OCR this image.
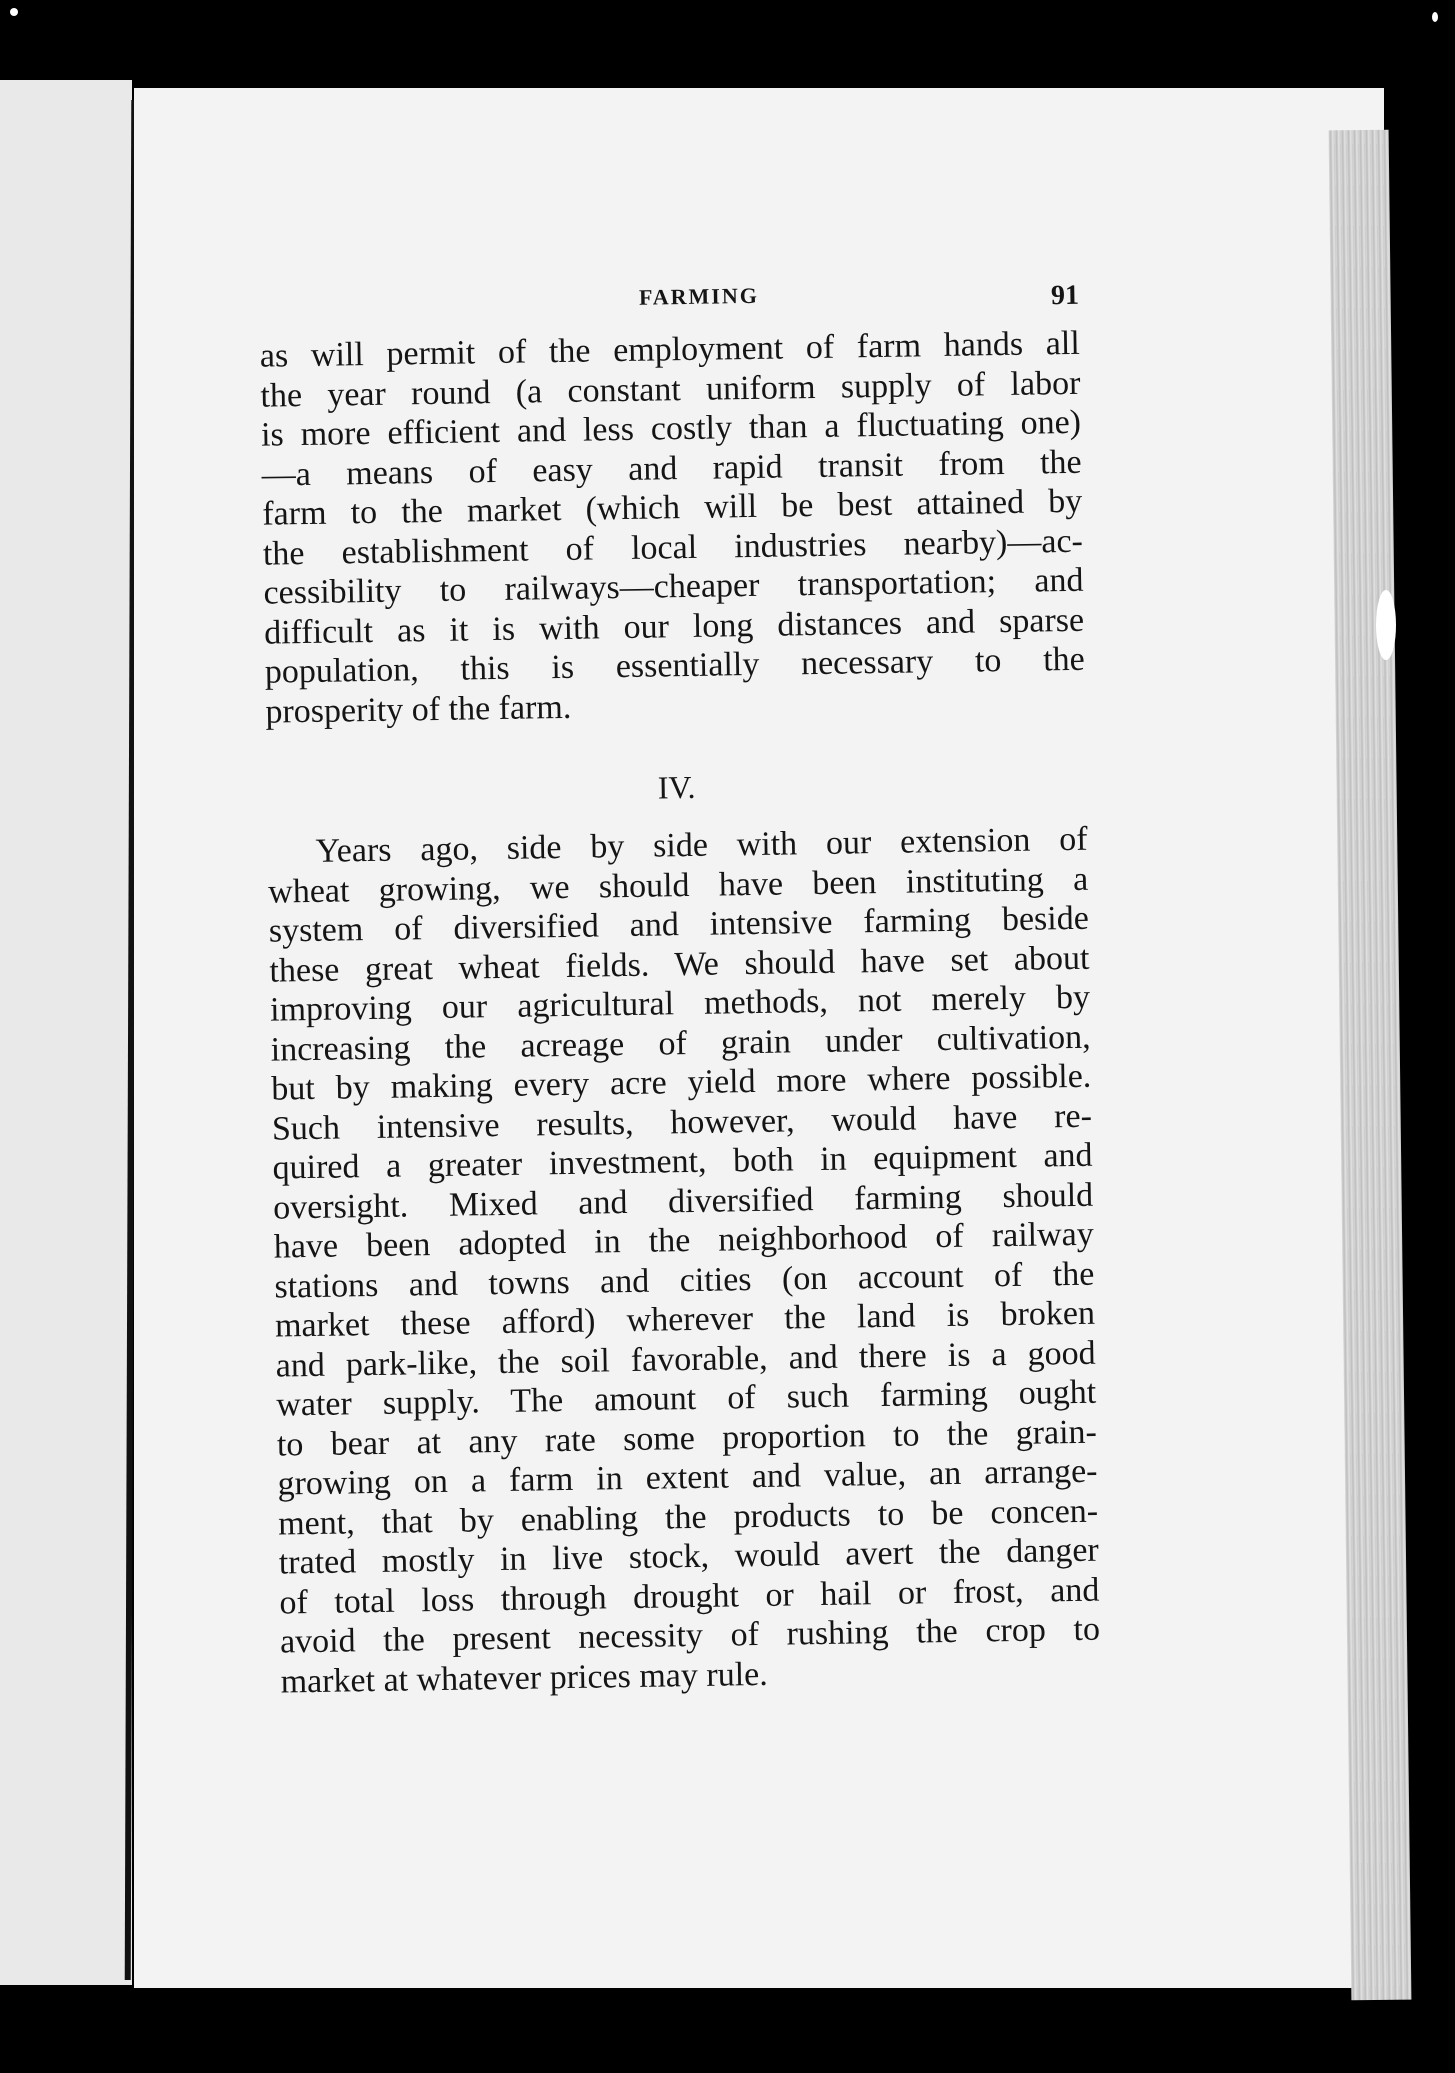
FARMING	91
as will permit of the employment of farm hands all
the year round (a constant uniform supply of labor
is more efficient and less costly than a fluctuating one)
—a means of easy and rapid transit from the
farm to the market (which will be best attained by
the establishment of local industries nearby)—ac-
cessibility to railways—cheaper transportation; and
difficult as it is with our long distances and sparse
population, this is essentially necessary to the
prosperity of the farm.
IV.
Years ago, side by side with our extension of
wheat growing, we should have been instituting a
system of diversified and intensive farming beside
these great wheat fields. We should have set about
improving our agricultural methods, not merely by
increasing the acreage of grain under cultivation,
but by making every acre yield more where possible.
Such intensive results, however, would have re-
quired a greater investment, both in equipment and
oversight. Mixed and diversified farming should
have been adopted in the neighborhood of railway
stations and towns and cities (on account of the
market these afford) wherever the land is broken
and park-like, the soil favorable, and there is a good
water supply. The amount of such farming ought
to bear at any rate some proportion to the grain-
growing on a farm in extent and value, an arrange-
ment, that by enabling the products to be concen-
trated mostly in live stock, would avert the danger
of total loss through drought or hail or frost, and
avoid the present necessity of rushing the crop to
market at whatever prices may rule.
